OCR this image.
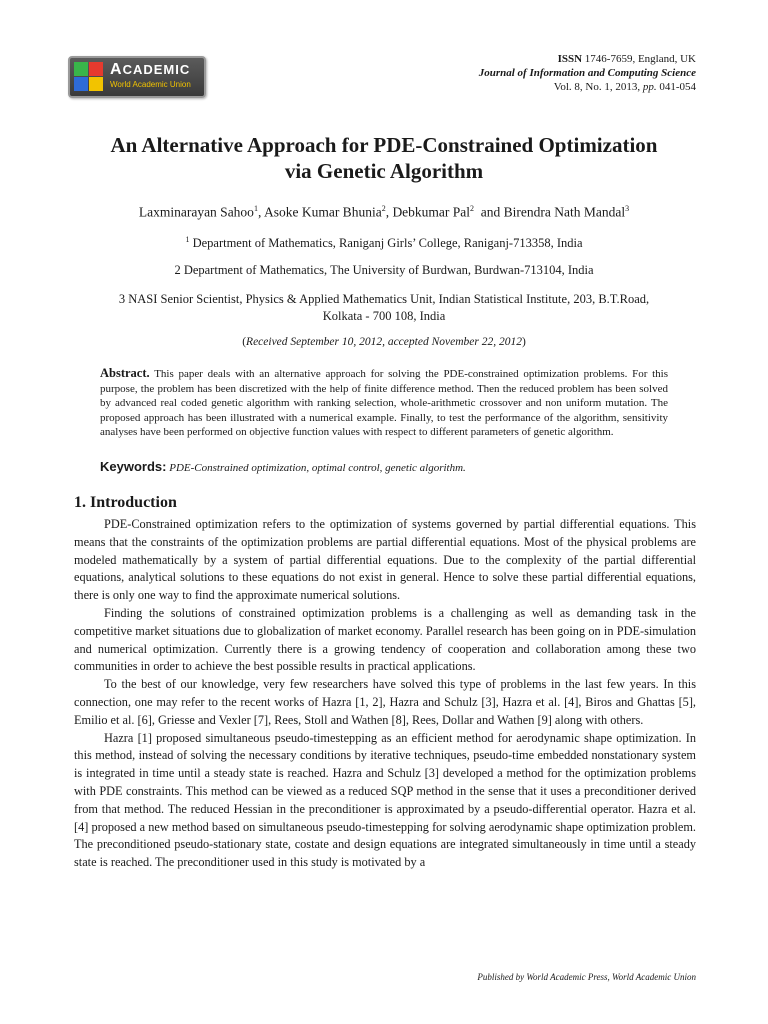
ACADEMIC
World Academic Union
ISSN 1746-7659, England, UK
Journal of Information and Computing Science
Vol. 8, No. 1, 2013, pp. 041-054
An Alternative Approach for PDE-Constrained Optimization
via Genetic Algorithm
Laxminarayan Sahoo$^1$, Asoke Kumar Bhunia$^2$, Debkumar Pal$^2$  and Birendra Nath Mandal$^3$
$^1$ Department of Mathematics, Raniganj Girls’ College, Raniganj-713358, India
2 Department of Mathematics, The University of Burdwan, Burdwan-713104, India
3 NASI Senior Scientist, Physics & Applied Mathematics Unit, Indian Statistical Institute, 203, B.T.Road,
Kolkata - 700 108, India
(Received September 10, 2012, accepted November 22, 2012)

Abstract. This paper deals with an alternative approach for solving the PDE-constrained optimization problems. For this purpose, the problem has been discretized with the help of finite difference method. Then the reduced problem has been solved by advanced real coded genetic algorithm with ranking selection, whole-arithmetic crossover and non uniform mutation. The proposed approach has been illustrated with a numerical example. Finally, to test the performance of the algorithm, sensitivity analyses have been performed on objective function values with respect to different parameters of genetic algorithm.

Keywords: PDE-Constrained optimization, optimal control, genetic algorithm.
1. Introduction

PDE-Constrained optimization refers to the optimization of systems governed by partial differential equations. This means that the constraints of the optimization problems are partial differential equations. Most of the physical problems are modeled mathematically by a system of partial differential equations. Due to the complexity of the partial differential equations, analytical solutions to these equations do not exist in general. Hence to solve these partial differential equations, there is only one way to find the approximate numerical solutions.

Finding the solutions of constrained optimization problems is a challenging as well as demanding task in the competitive market situations due to globalization of market economy. Parallel research has been going on in PDE-simulation and numerical optimization. Currently there is a growing tendency of cooperation and collaboration among these two communities in order to achieve the best possible results in practical applications.

To the best of our knowledge, very few researchers have solved this type of problems in the last few years. In this connection, one may refer to the recent works of Hazra [1, 2], Hazra and Schulz [3], Hazra et al. [4], Biros and Ghattas [5], Emilio et al. [6], Griesse and Vexler [7], Rees, Stoll and Wathen [8], Rees, Dollar and Wathen [9] along with others.

Hazra [1] proposed simultaneous pseudo-timestepping as an efficient method for aerodynamic shape optimization. In this method, instead of solving the necessary conditions by iterative techniques, pseudo-time embedded nonstationary system is integrated in time until a steady state is reached. Hazra and Schulz [3] developed a method for the optimization problems with PDE constraints. This method can be viewed as a reduced SQP method in the sense that it uses a preconditioner derived from that method. The reduced Hessian in the preconditioner is approximated by a pseudo-differential operator. Hazra et al. [4] proposed a new method based on simultaneous pseudo-timestepping for solving aerodynamic shape optimization problem. The preconditioned pseudo-stationary state, costate and design equations are integrated simultaneously in time until a steady state is reached. The preconditioner used in this study is motivated by a

Published by World Academic Press, World Academic Union
